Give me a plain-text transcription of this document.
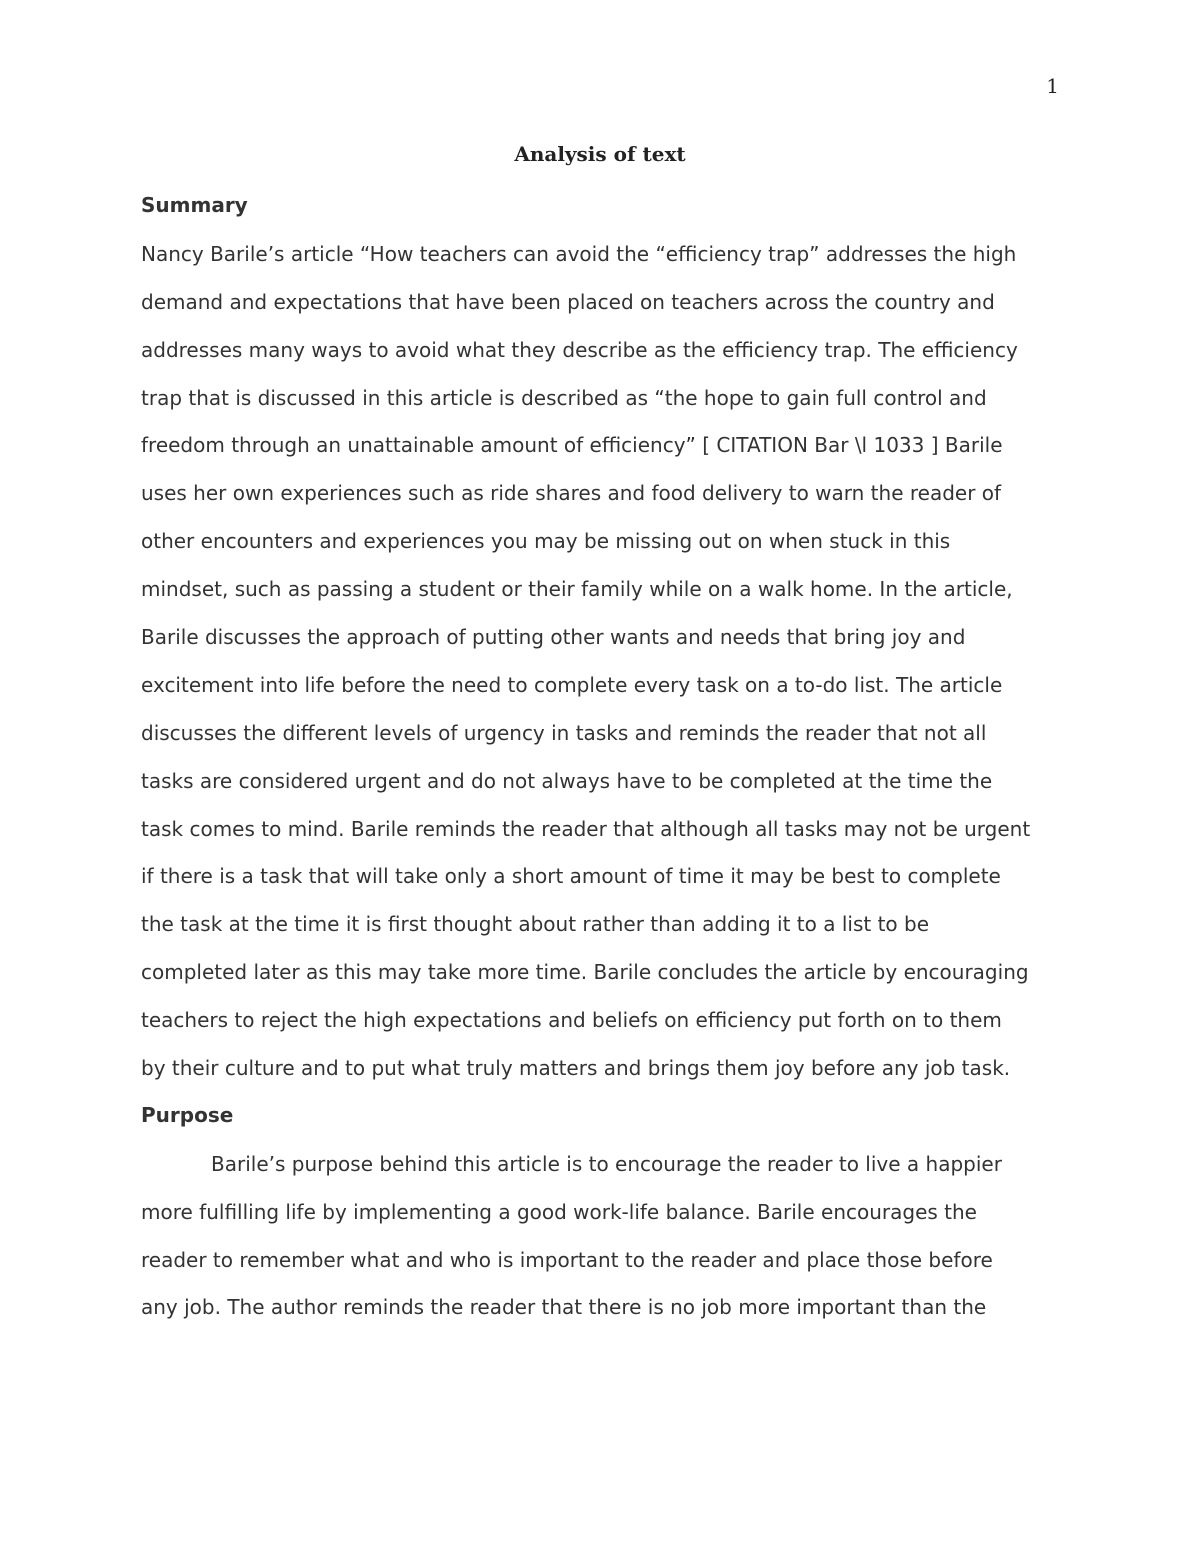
1
Analysis of text
Summary

Nancy Barile’s article “How teachers can avoid the “efficiency trap” addresses the high

demand and expectations that have been placed on teachers across the country and

addresses many ways to avoid what they describe as the efficiency trap. The efficiency

trap that is discussed in this article is described as “the hope to gain full control and

freedom through an unattainable amount of efficiency” [ CITATION Bar \l 1033 ] Barile

uses her own experiences such as ride shares and food delivery to warn the reader of

other encounters and experiences you may be missing out on when stuck in this

mindset, such as passing a student or their family while on a walk home. In the article,

Barile discusses the approach of putting other wants and needs that bring joy and

excitement into life before the need to complete every task on a to-do list. The article

discusses the different levels of urgency in tasks and reminds the reader that not all

tasks are considered urgent and do not always have to be completed at the time the

task comes to mind. Barile reminds the reader that although all tasks may not be urgent

if there is a task that will take only a short amount of time it may be best to complete

the task at the time it is first thought about rather than adding it to a list to be

completed later as this may take more time. Barile concludes the article by encouraging

teachers to reject the high expectations and beliefs on efficiency put forth on to them

by their culture and to put what truly matters and brings them joy before any job task.

Purpose

Barile’s purpose behind this article is to encourage the reader to live a happier

more fulfilling life by implementing a good work-life balance. Barile encourages the

reader to remember what and who is important to the reader and place those before

any job. The author reminds the reader that there is no job more important than the
